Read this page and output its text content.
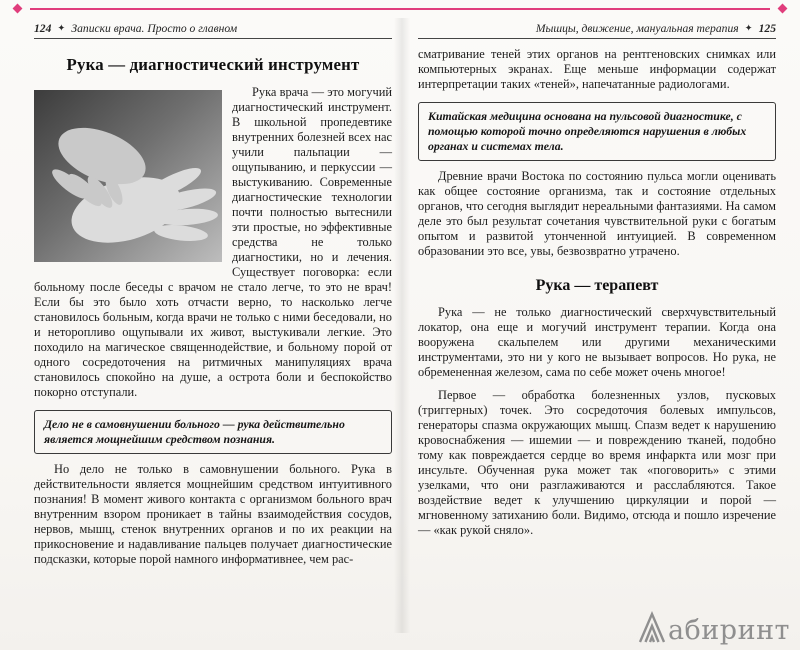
124 ✦ Записки врача. Просто о главном
Рука — диагностический инструмент

Рука врача — это могучий диагностический инструмент. В школьной пропедевтике внутренних болезней всех нас учили пальпации — ощупыванию, и перкуссии — выстукиванию. Современные диагностические технологии почти полностью вытеснили эти простые, но эффективные средства не только диагностики, но и лечения. Существует поговорка: если больному после беседы с врачом не стало легче, то это не врач! Если бы это было хоть отчасти верно, то насколько легче становилось больным, когда врачи не только с ними беседовали, но и неторопливо ощупывали их живот, выстукивали легкие. Это походило на магическое священнодействие, и больному порой от одного сосредоточения на ритмичных манипуляциях врача становилось спокойно на душе, а острота боли и беспокойство покорно отступали.

Дело не в самовнушении больного — рука действительно является мощнейшим средством познания.

Но дело не только в самовнушении больного. Рука в действительности является мощнейшим средством интуитивного познания! В момент живого контакта с организмом больного врач внутренним взором проникает в тайны взаимодействия сосудов, нервов, мышц, стенок внутренних органов и по их реакции на прикосновение и надавливание пальцев получает диагностические подсказки, которые порой намного информативнее, чем рас-

Мышцы, движение, мануальная терапия ✦ 125

сматривание теней этих органов на рентгеновских снимках или компьютерных экранах. Еще меньше информации содержат интерпретации таких «теней», напечатанные радиологами.

Китайская медицина основана на пульсовой диагностике, с помощью которой точно определяются нарушения в любых органах и системах тела.

Древние врачи Востока по состоянию пульса могли оценивать как общее состояние организма, так и состояние отдельных органов, что сегодня выглядит нереальными фантазиями. На самом деле это был результат сочетания чувствительной руки с богатым опытом и развитой утонченной интуицией. В современном образовании это все, увы, безвозвратно утрачено.

Рука — терапевт

Рука — не только диагностический сверхчувствительный локатор, она еще и могучий инструмент терапии. Когда она вооружена скальпелем или другими механическими инструментами, это ни у кого не вызывает вопросов. Но рука, не обремененная железом, сама по себе может очень многое!

Первое — обработка болезненных узлов, пусковых (триггерных) точек. Это сосредоточия болевых импульсов, генераторы спазма окружающих мышц. Спазм ведет к нарушению кровоснабжения — ишемии — и повреждению тканей, подобно тому как повреждается сердце во время инфаркта или мозг при инсульте. Обученная рука может так «поговорить» с этими узелками, что они разглаживаются и расслабляются. Такое воздействие ведет к улучшению циркуляции и порой — мгновенному затиханию боли. Видимо, отсюда и пошло изречение — «как рукой сняло».

абиринт
